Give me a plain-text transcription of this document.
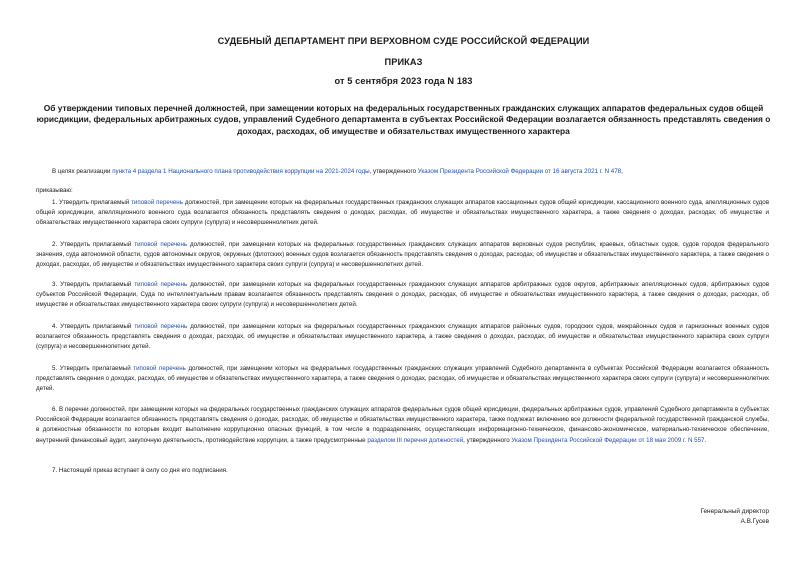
СУДЕБНЫЙ ДЕПАРТАМЕНТ ПРИ ВЕРХОВНОМ СУДЕ РОССИЙСКОЙ ФЕДЕРАЦИИ
ПРИКАЗ
от 5 сентября 2023 года N 183
Об утверждении типовых перечней должностей, при замещении которых на федеральных государственных гражданских служащих аппаратов федеральных судов общей юрисдикции, федеральных арбитражных судов, управлений Судебного департамента в субъектах Российской Федерации возлагается обязанность представлять сведения о доходах, расходах, об имуществе и обязательствах имущественного характера
В целях реализации пункта 4 раздела 1 Национального плана противодействия коррупции на 2021-2024 годы, утвержденного Указом Президента Российской Федерации от 16 августа 2021 г. N 478,
приказываю:
1. Утвердить прилагаемый типовой перечень должностей, при замещении которых на федеральных государственных гражданских служащих аппаратов кассационных судов общей юрисдикции, кассационного военного суда, апелляционных судов общей юрисдикции, апелляционного военного суда возлагается обязанность представлять сведения о доходах, расходах, об имуществе и обязательствах имущественного характера, а также сведения о доходах, расходах, об имуществе и обязательствах имущественного характера своих супруги (супруга) и несовершеннолетних детей.
2. Утвердить прилагаемый типовой перечень должностей, при замещении которых на федеральных государственных гражданских служащих аппаратов верховных судов республик, краевых, областных судов, судов городов федерального значения, суда автономной области, судов автономных округов, окружных (флотских) военных судов возлагается обязанность представлять сведения о доходах, расходах, об имуществе и обязательствах имущественного характера, а также сведения о доходах, расходах, об имуществе и обязательствах имущественного характера своих супруги (супруга) и несовершеннолетних детей.
3. Утвердить прилагаемый типовой перечень должностей, при замещении которых на федеральных государственных гражданских служащих аппаратов арбитражных судов округов, арбитражных апелляционных судов, арбитражных судов субъектов Российской Федерации, Суда по интеллектуальным правам возлагается обязанность представлять сведения о доходах, расходах, об имуществе и обязательствах имущественного характера, а также сведения о доходах, расходах, об имуществе и обязательствах имущественного характера своих супруги (супруга) и несовершеннолетних детей.
4. Утвердить прилагаемый типовой перечень должностей, при замещении которых на федеральных государственных гражданских служащих аппаратов районных судов, городских судов, межрайонных судов и гарнизонных военных судов возлагается обязанность представлять сведения о доходах, расходах, об имуществе и обязательствах имущественного характера, а также сведения о доходах, расходах, об имуществе и обязательствах имущественного характера своих супруги (супруга) и несовершеннолетних детей.
5. Утвердить прилагаемый типовой перечень должностей, при замещении которых на федеральных государственных гражданских служащих управлений Судебного департамента в субъектах Российской Федерации возлагается обязанность представлять сведения о доходах, расходах, об имуществе и обязательствах имущественного характера, а также сведения о доходах, расходах, об имуществе и обязательствах имущественного характера своих супруги (супруга) и несовершеннолетних детей.
6. В перечни должностей, при замещении которых на федеральных государственных гражданских служащих аппаратов федеральных судов общей юрисдикции, федеральных арбитражных судов, управлений Судебного департамента в субъектах Российской Федерации возлагается обязанность представлять сведения о доходах, расходах, об имуществе и обязательствах имущественного характера, также подлежат включению все должности федеральной государственной гражданской службы, в должностные обязанности по которым входит выполнение коррупционно опасных функций, в том числе в подразделениях, осуществляющих информационно-техническое, финансово-экономическое, материально-техническое обеспечение, внутренний финансовый аудит, закупочную деятельность, противодействие коррупции, а также предусмотренные разделом III перечня должностей, утвержденного Указом Президента Российской Федерации от 18 мая 2009 г. N 557.
7. Настоящий приказ вступает в силу со дня его подписания.
Генеральный директор
А.В.Гусев
